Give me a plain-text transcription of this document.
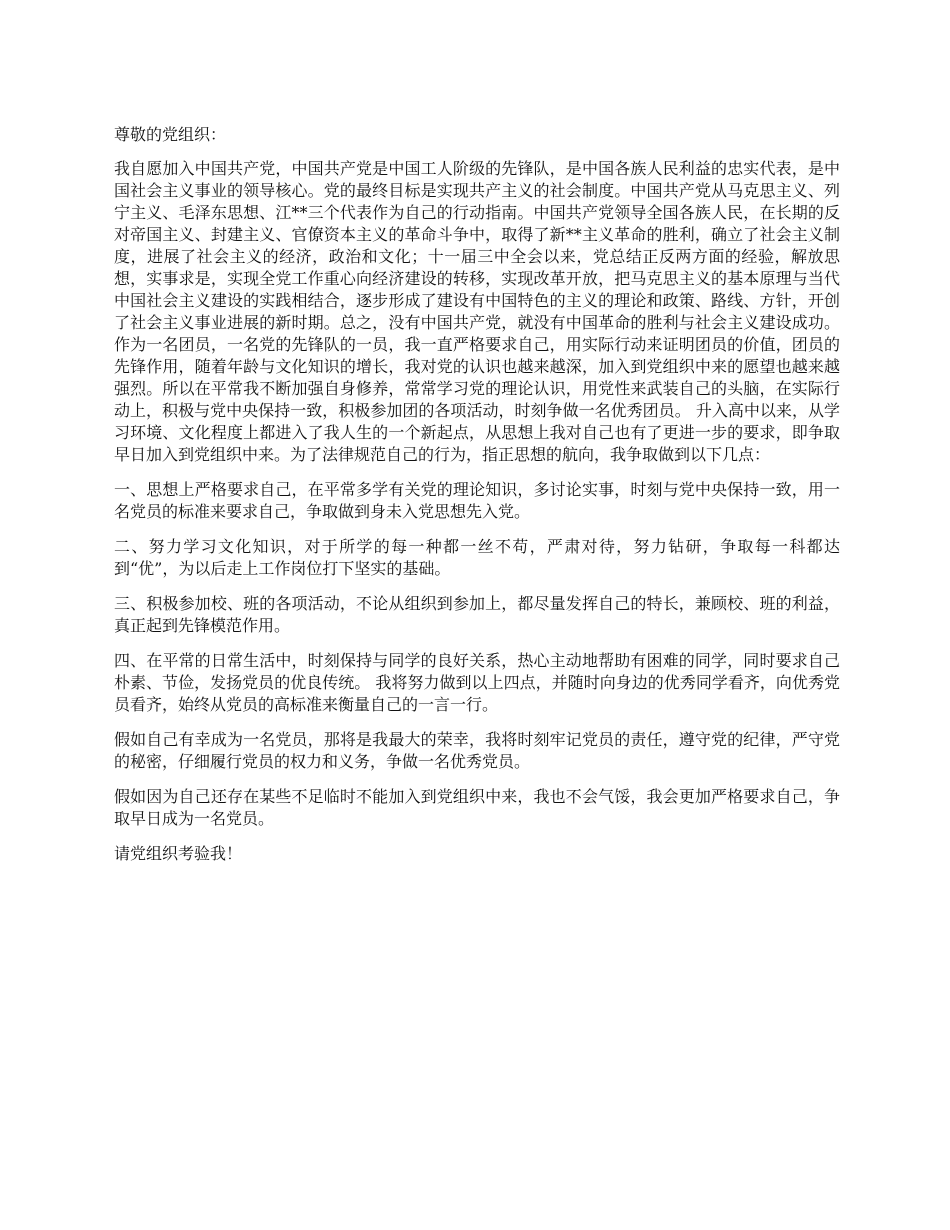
尊敬的党组织：

我自愿加入中国共产党，中国共产党是中国工人阶级的先锋队，是中国各族人民利益的忠实代表，是中国社会主义事业的领导核心。党的最终目标是实现共产主义的社会制度。中国共产党从马克思主义、列宁主义、毛泽东思想、江**三个代表作为自己的行动指南。中国共产党领导全国各族人民，在长期的反对帝国主义、封建主义、官僚资本主义的革命斗争中，取得了新**主义革命的胜利，确立了社会主义制度，进展了社会主义的经济，政治和文化；十一届三中全会以来，党总结正反两方面的经验，解放思想，实事求是，实现全党工作重心向经济建设的转移，实现改革开放，把马克思主义的基本原理与当代中国社会主义建设的实践相结合，逐步形成了建设有中国特色的主义的理论和政策、路线、方针，开创了社会主义事业进展的新时期。总之，没有中国共产党，就没有中国革命的胜利与社会主义建设成功。 作为一名团员，一名党的先锋队的一员，我一直严格要求自己，用实际行动来证明团员的价值，团员的先锋作用，随着年龄与文化知识的增长，我对党的认识也越来越深，加入到党组织中来的愿望也越来越强烈。所以在平常我不断加强自身修养，常常学习党的理论认识，用党性来武装自己的头脑，在实际行动上，积极与党中央保持一致，积极参加团的各项活动，时刻争做一名优秀团员。 升入高中以来，从学习环境、文化程度上都进入了我人生的一个新起点，从思想上我对自己也有了更进一步的要求，即争取早日加入到党组织中来。为了法律规范自己的行为，指正思想的航向，我争取做到以下几点：

一、思想上严格要求自己，在平常多学有关党的理论知识，多讨论实事，时刻与党中央保持一致，用一名党员的标准来要求自己，争取做到身未入党思想先入党。

二、努力学习文化知识，对于所学的每一种都一丝不苟，严肃对待，努力钻研，争取每一科都达到“优”，为以后走上工作岗位打下坚实的基础。

三、积极参加校、班的各项活动，不论从组织到参加上，都尽量发挥自己的特长，兼顾校、班的利益，真正起到先锋模范作用。

四、在平常的日常生活中，时刻保持与同学的良好关系，热心主动地帮助有困难的同学，同时要求自己朴素、节俭，发扬党员的优良传统。 我将努力做到以上四点，并随时向身边的优秀同学看齐，向优秀党员看齐，始终从党员的高标准来衡量自己的一言一行。

假如自己有幸成为一名党员，那将是我最大的荣幸，我将时刻牢记党员的责任，遵守党的纪律，严守党的秘密，仔细履行党员的权力和义务，争做一名优秀党员。

假如因为自己还存在某些不足临时不能加入到党组织中来，我也不会气馁，我会更加严格要求自己，争取早日成为一名党员。

请党组织考验我！
